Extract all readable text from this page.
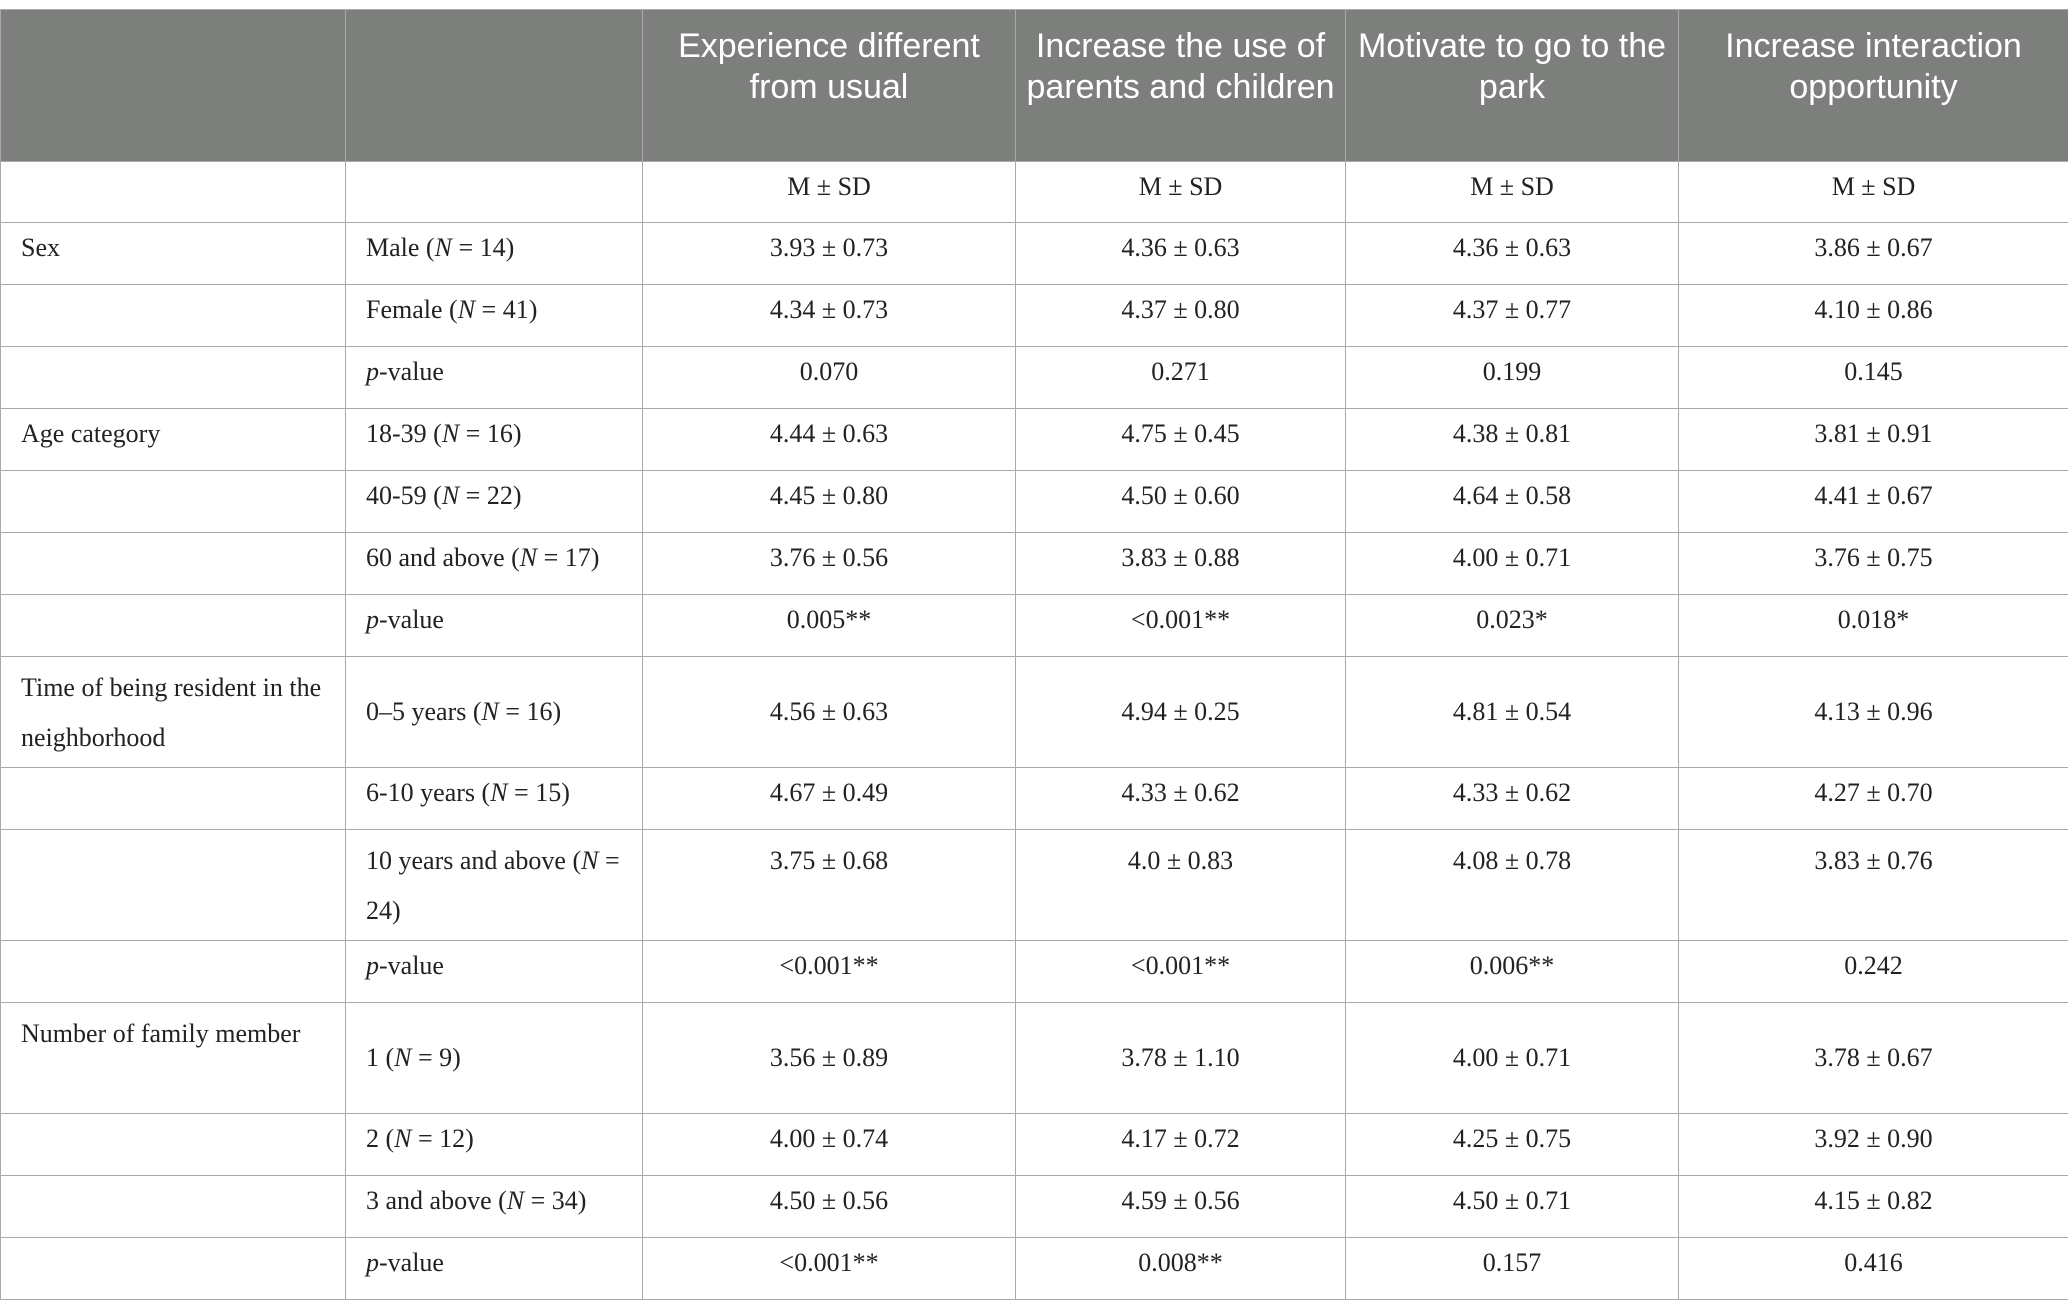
		Experience different from usual	Increase the use of parents and children	Motivate to go to the park	Increase interaction opportunity
		M ± SD	M ± SD	M ± SD	M ± SD
Sex	Male (N = 14)	3.93 ± 0.73	4.36 ± 0.63	4.36 ± 0.63	3.86 ± 0.67
	Female (N = 41)	4.34 ± 0.73	4.37 ± 0.80	4.37 ± 0.77	4.10 ± 0.86
	p-value	0.070	0.271	0.199	0.145
Age category	18-39 (N = 16)	4.44 ± 0.63	4.75 ± 0.45	4.38 ± 0.81	3.81 ± 0.91
	40-59 (N = 22)	4.45 ± 0.80	4.50 ± 0.60	4.64 ± 0.58	4.41 ± 0.67
	60 and above (N = 17)	3.76 ± 0.56	3.83 ± 0.88	4.00 ± 0.71	3.76 ± 0.75
	p-value	0.005**	<0.001**	0.023*	0.018*
Time of being resident in the neighborhood	0–5 years (N = 16)	4.56 ± 0.63	4.94 ± 0.25	4.81 ± 0.54	4.13 ± 0.96
	6-10 years (N = 15)	4.67 ± 0.49	4.33 ± 0.62	4.33 ± 0.62	4.27 ± 0.70
	10 years and above (N = 24)	3.75 ± 0.68	4.0 ± 0.83	4.08 ± 0.78	3.83 ± 0.76
	p-value	<0.001**	<0.001**	0.006**	0.242
Number of family member	1 (N = 9)	3.56 ± 0.89	3.78 ± 1.10	4.00 ± 0.71	3.78 ± 0.67
	2 (N = 12)	4.00 ± 0.74	4.17 ± 0.72	4.25 ± 0.75	3.92 ± 0.90
	3 and above (N = 34)	4.50 ± 0.56	4.59 ± 0.56	4.50 ± 0.71	4.15 ± 0.82
	p-value	<0.001**	0.008**	0.157	0.416
